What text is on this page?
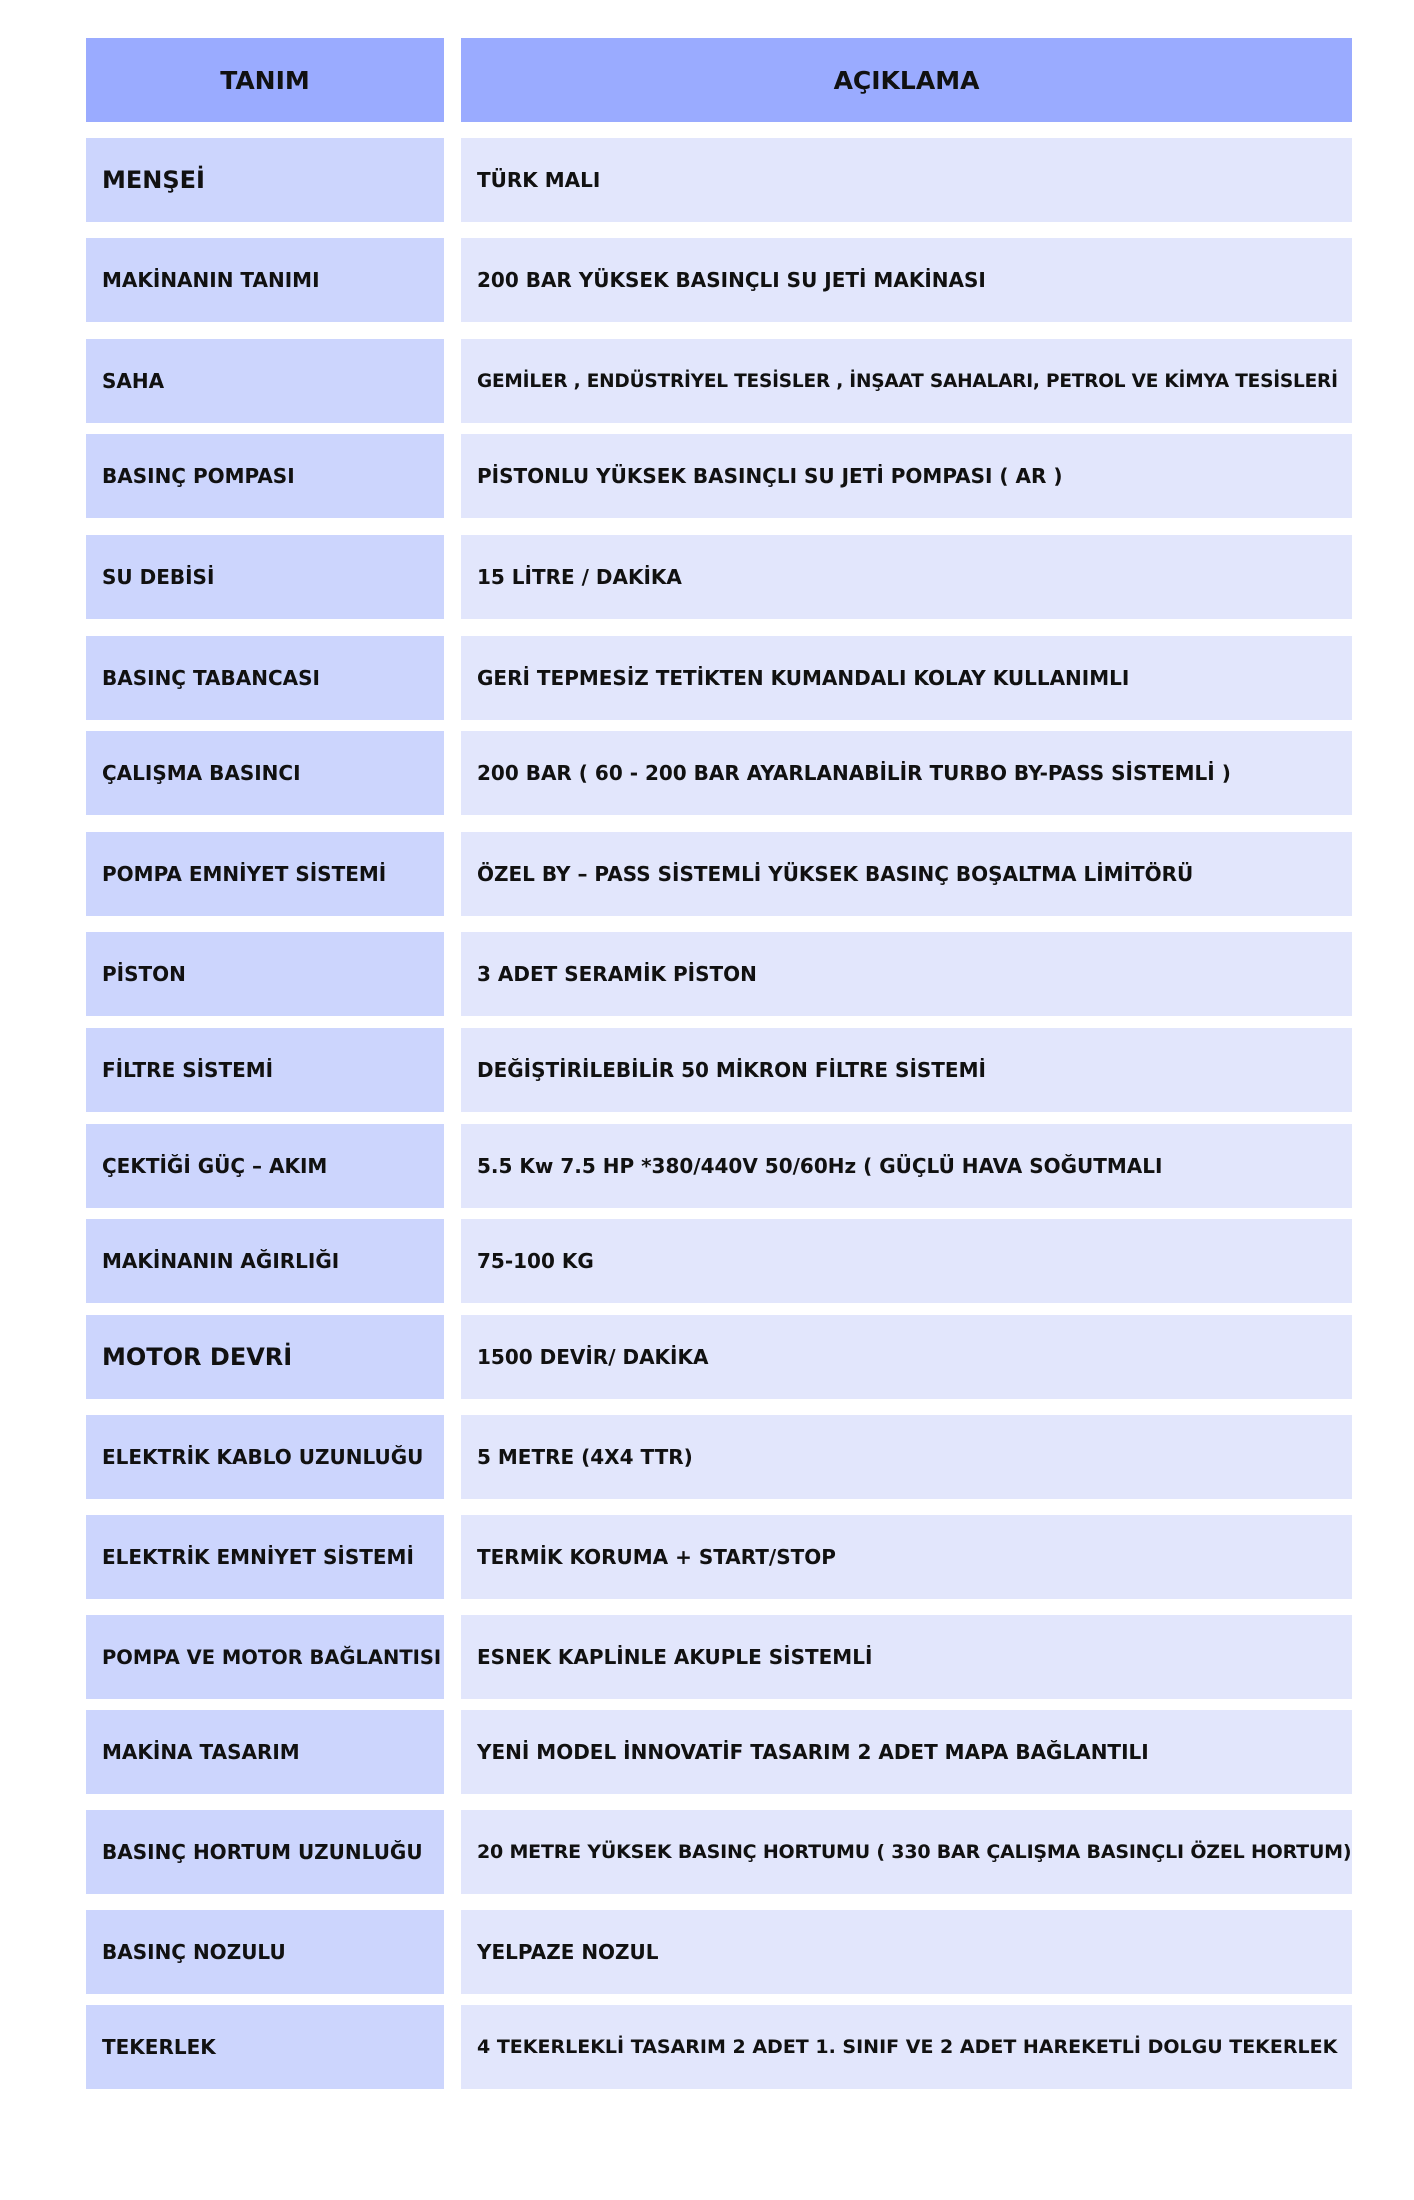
TANIM	AÇIKLAMA
MENŞEİ	TÜRK MALI
MAKİNANIN TANIMI	200 BAR YÜKSEK BASINÇLI SU JETİ MAKİNASI
SAHA	GEMİLER , ENDÜSTRİYEL TESİSLER , İNŞAAT SAHALARI, PETROL VE KİMYA TESİSLERİ
BASINÇ POMPASI	PİSTONLU YÜKSEK BASINÇLI SU JETİ POMPASI ( AR )
SU DEBİSİ	15 LİTRE / DAKİKA
BASINÇ TABANCASI	GERİ TEPMESİZ TETİKTEN KUMANDALI KOLAY KULLANIMLI
ÇALIŞMA BASINCI	200 BAR ( 60 - 200 BAR AYARLANABİLİR TURBO BY-PASS SİSTEMLİ )
POMPA EMNİYET SİSTEMİ	ÖZEL BY – PASS SİSTEMLİ YÜKSEK BASINÇ BOŞALTMA LİMİTÖRÜ
PİSTON	3 ADET SERAMİK PİSTON
FİLTRE SİSTEMİ	DEĞİŞTİRİLEBİLİR 50 MİKRON FİLTRE SİSTEMİ
ÇEKTİĞİ GÜÇ – AKIM	5.5 Kw 7.5 HP *380/440V 50/60Hz ( GÜÇLÜ HAVA SOĞUTMALI
MAKİNANIN AĞIRLIĞI	75-100 KG
MOTOR DEVRİ	1500 DEVİR/ DAKİKA
ELEKTRİK KABLO UZUNLUĞU	5 METRE (4X4 TTR)
ELEKTRİK EMNİYET SİSTEMİ	TERMİK KORUMA + START/STOP
POMPA VE MOTOR BAĞLANTISI	ESNEK KAPLİNLE AKUPLE SİSTEMLİ
MAKİNA TASARIM	YENİ MODEL İNNOVATİF TASARIM 2 ADET MAPA BAĞLANTILI
BASINÇ HORTUM UZUNLUĞU	20 METRE YÜKSEK BASINÇ HORTUMU ( 330 BAR ÇALIŞMA BASINÇLI ÖZEL HORTUM)
BASINÇ NOZULU	YELPAZE NOZUL
TEKERLEK	4 TEKERLEKLİ TASARIM 2 ADET 1. SINIF VE 2 ADET HAREKETLİ DOLGU TEKERLEK
